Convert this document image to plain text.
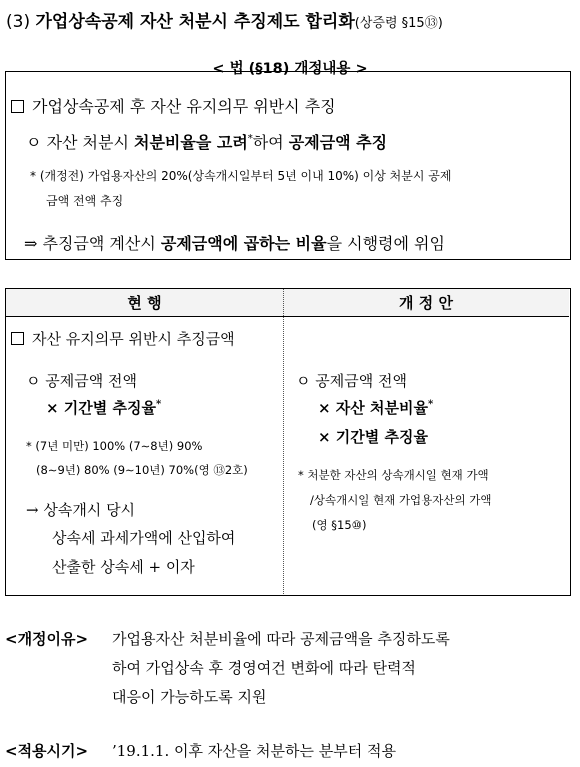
(3) 가업상속공제 자산 처분시 추징제도 합리화(상증령 §15⑬)
< 법 (§18) 개정내용 >
가업상속공제 후 자산 유지의무 위반시 추징
ㅇ 자산 처분시 처분비율을 고려*하여 공제금액 추징
* (개정전) 가업용자산의 20%(상속개시일부터 5년 이내 10%) 이상 처분시 공제
금액 전액 추징
⇒ 추징금액 계산시 공제금액에 곱하는 비율을 시행령에 위임
현 행	개 정 안
자산 유지의무 위반시 추징금액
ㅇ 공제금액 전액
× 기간별 추징율*
* (7년 미만) 100% (7∼8년) 90%
(8∼9년) 80% (9∼10년) 70%(영 ⑬2호)
→ 상속개시 당시
상속세 과세가액에 산입하여
산출한 상속세 + 이자
ㅇ 공제금액 전액
× 자산 처분비율*
× 기간별 추징율
* 처분한 자산의 상속개시일 현재 가액
/상속개시일 현재 가업용자산의 가액
(영 §15⑩)
<개정이유> 가업용자산 처분비율에 따라 공제금액을 추징하도록
하여 가업상속 후 경영여건 변화에 따라 탄력적
대응이 가능하도록 지원
<적용시기> ’19.1.1. 이후 자산을 처분하는 분부터 적용
